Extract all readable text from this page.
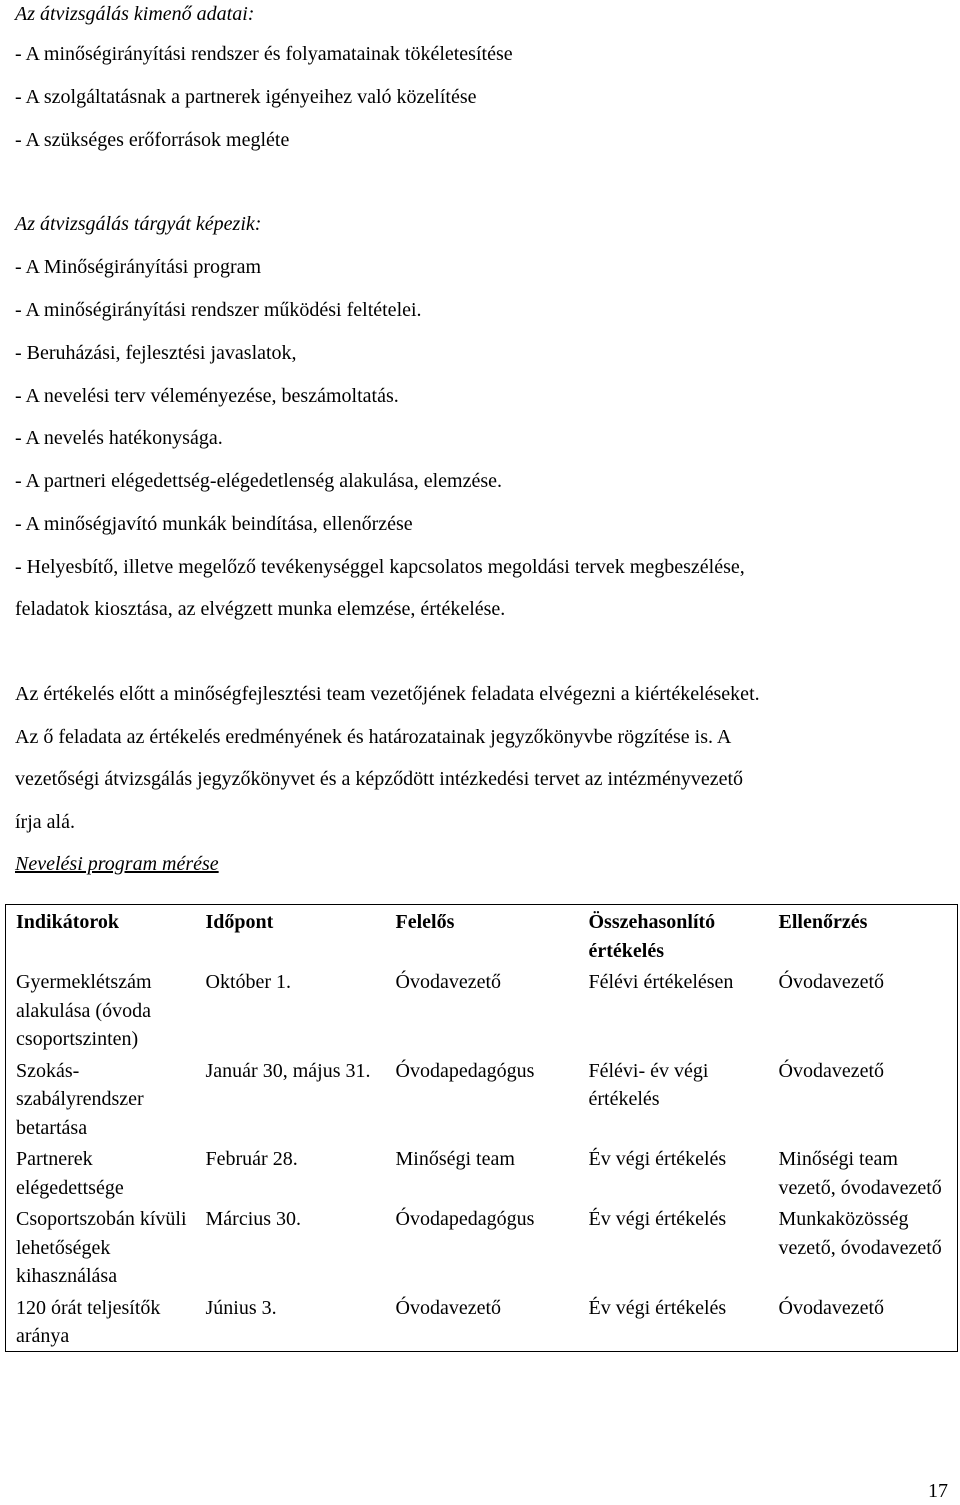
Az átvizsgálás kimenő adatai:
- A minőségirányítási rendszer és folyamatainak tökéletesítése
- A szolgáltatásnak a partnerek igényeihez való közelítése
- A szükséges erőforrások megléte
Az átvizsgálás tárgyát képezik:
- A Minőségirányítási program
- A minőségirányítási rendszer működési feltételei.
- Beruházási, fejlesztési javaslatok,
- A nevelési terv véleményezése, beszámoltatás.
- A nevelés hatékonysága.
- A partneri elégedettség-elégedetlenség alakulása, elemzése.
- A minőségjavító munkák beindítása, ellenőrzése
- Helyesbítő, illetve megelőző tevékenységgel kapcsolatos megoldási tervek megbeszélése,
feladatok kiosztása, az elvégzett munka elemzése, értékelése.
Az értékelés előtt a minőségfejlesztési team vezetőjének feladata elvégezni a kiértékeléseket.
Az ő feladata az értékelés eredményének és határozatainak jegyzőkönyvbe rögzítése is. A
vezetőségi átvizsgálás jegyzőkönyvet és a képződött intézkedési tervet az intézményvezető
írja alá.
Nevelési program mérése
Indikátorok	Időpont	Felelős	Összehasonlító értékelés	Ellenőrzés
Gyermeklétszám alakulása (óvoda csoportszinten)	Október 1.	Óvodavezető	Félévi értékelésen	Óvodavezető
Szokás-szabályrendszer betartása	Január 30, május 31.	Óvodapedagógus	Félévi- év végi értékelés	Óvodavezető
Partnerek elégedettsége	Február 28.	Minőségi team	Év végi értékelés	Minőségi team vezető, óvodavezető
Csoportszobán kívüli lehetőségek kihasználása	Március 30.	Óvodapedagógus	Év végi értékelés	Munkaközösség vezető, óvodavezető
120 órát teljesítők aránya	Június 3.	Óvodavezető	Év végi értékelés	Óvodavezető
17
